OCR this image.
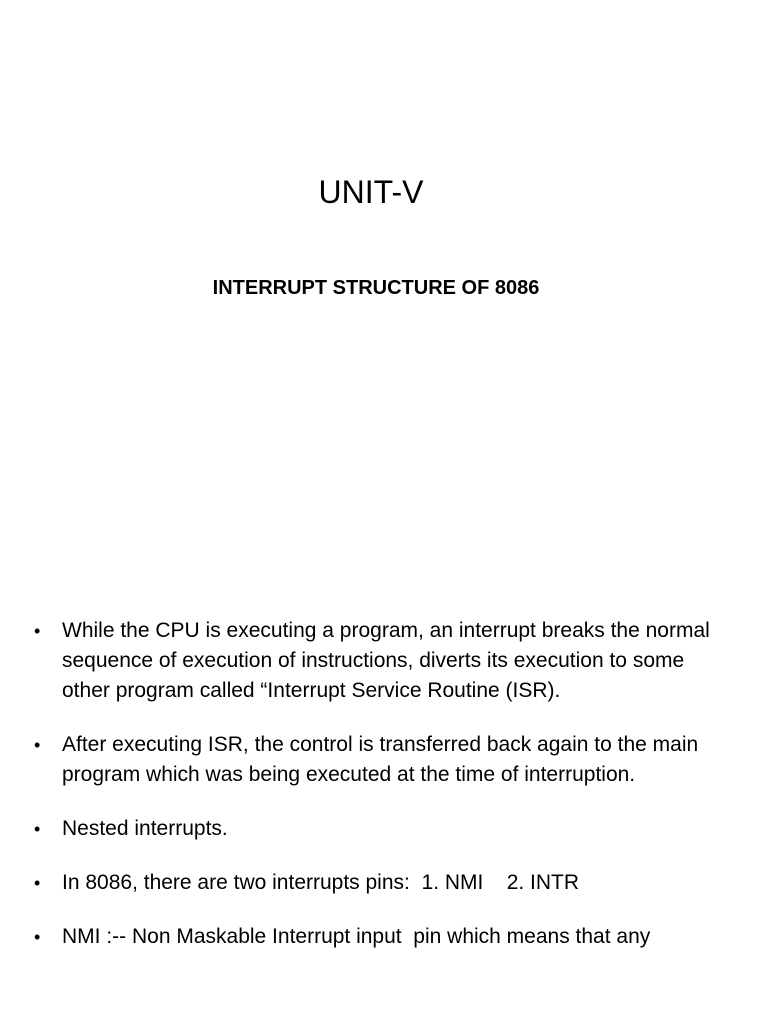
UNIT-V
INTERRUPT STRUCTURE OF 8086
• While the CPU is executing a program, an interrupt breaks the normal sequence of execution of instructions, diverts its execution to some other program called “Interrupt Service Routine (ISR).
• After executing ISR, the control is transferred back again to the main program which was being executed at the time of interruption.
• Nested interrupts.
• In 8086, there are two interrupts pins:  1. NMI    2. INTR
• NMI :-- Non Maskable Interrupt input  pin which means that any
